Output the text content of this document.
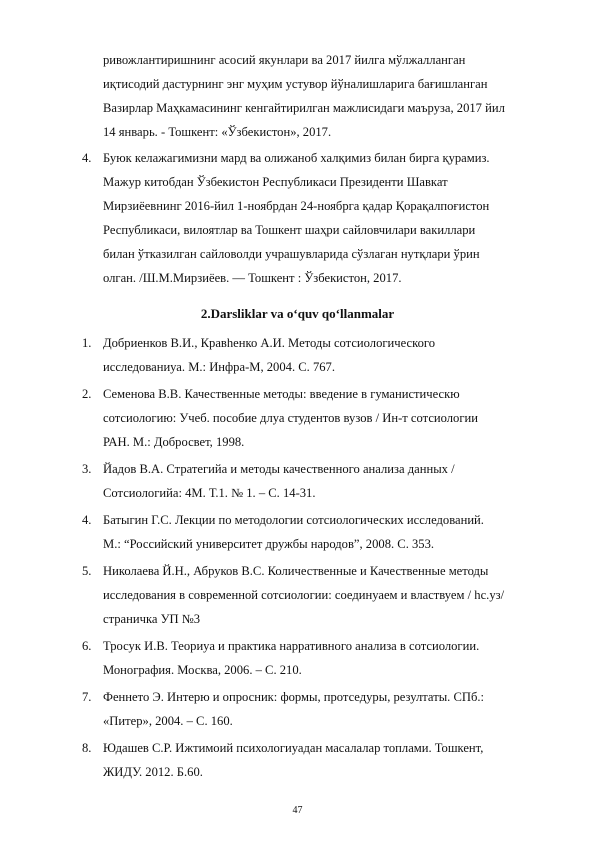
ривожлантиришнинг асосий якунлари ва 2017 йилга мўлжалланган
иқтисодий дастурнинг энг муҳим устувор йўналишларига бағишланган
Вазирлар Маҳкамасининг кенгайтирилган мажлисидаги маъруза, 2017 йил
14 январь. - Тошкент: «Ўзбекистон», 2017.
4. Буюк келажагимизни мард ва олижаноб халқимиз билан бирга қурамиз.
Мажур китобдан Ўзбекистон Республикаси Президенти Шавкат
Мирзиёевнинг 2016-йил 1-ноябрдан 24-ноябрга қадар Қорақалпоғистон
Республикаси, вилоятлар ва Тошкент шаҳри сайловчилари вакиллари
билан ўтказилган сайловолди учрашувларида сўзлаган нутқлари ўрин
олган. /Ш.М.Мирзиёев. — Тошкент : Ўзбекистон, 2017.
2.Darsliklar va o‘quv qo‘llanmalar
1. Добриенков В.И., Кравhенко А.И. Методы сотсиологического
исследованиуа. М.: Инфра-М, 2004. С. 767.
2. Семенова В.В. Качественные методы: введение в гуманистическю
сотсиологию: Учеб. пособие длуа студентов вузов / Ин-т сотсиологии
РАН. М.: Добросвет, 1998.
3. Йадов В.А. Стратегийа и методы качественного анализа данных /
Сотсиологийа: 4М. Т.1. № 1. – С. 14-31.
4. Батыгин Г.С. Лекции по методологии сотсиологических исследований.
М.: “Российский университет дружбы народов”, 2008. С. 353.
5. Николаева Й.Н., Абруков В.С. Количественные и Качественные методы
исследования в современной сотсиологии: соединуаем и властвуем / hс.уз/
страничка УП №3
6. Тросук И.В. Теориуа и практика нарративного анализа в сотсиологии.
Монография. Москва, 2006. – С. 210.
7. Феннето Э. Интерю и опросник: формы, протседуры, резултаты. СПб.:
«Питер», 2004. – С. 160.
8. Юдашев С.Р. Ижтимоий психологиуадан масалалар топлами. Тошкент,
ЖИДУ. 2012. Б.60.
47
